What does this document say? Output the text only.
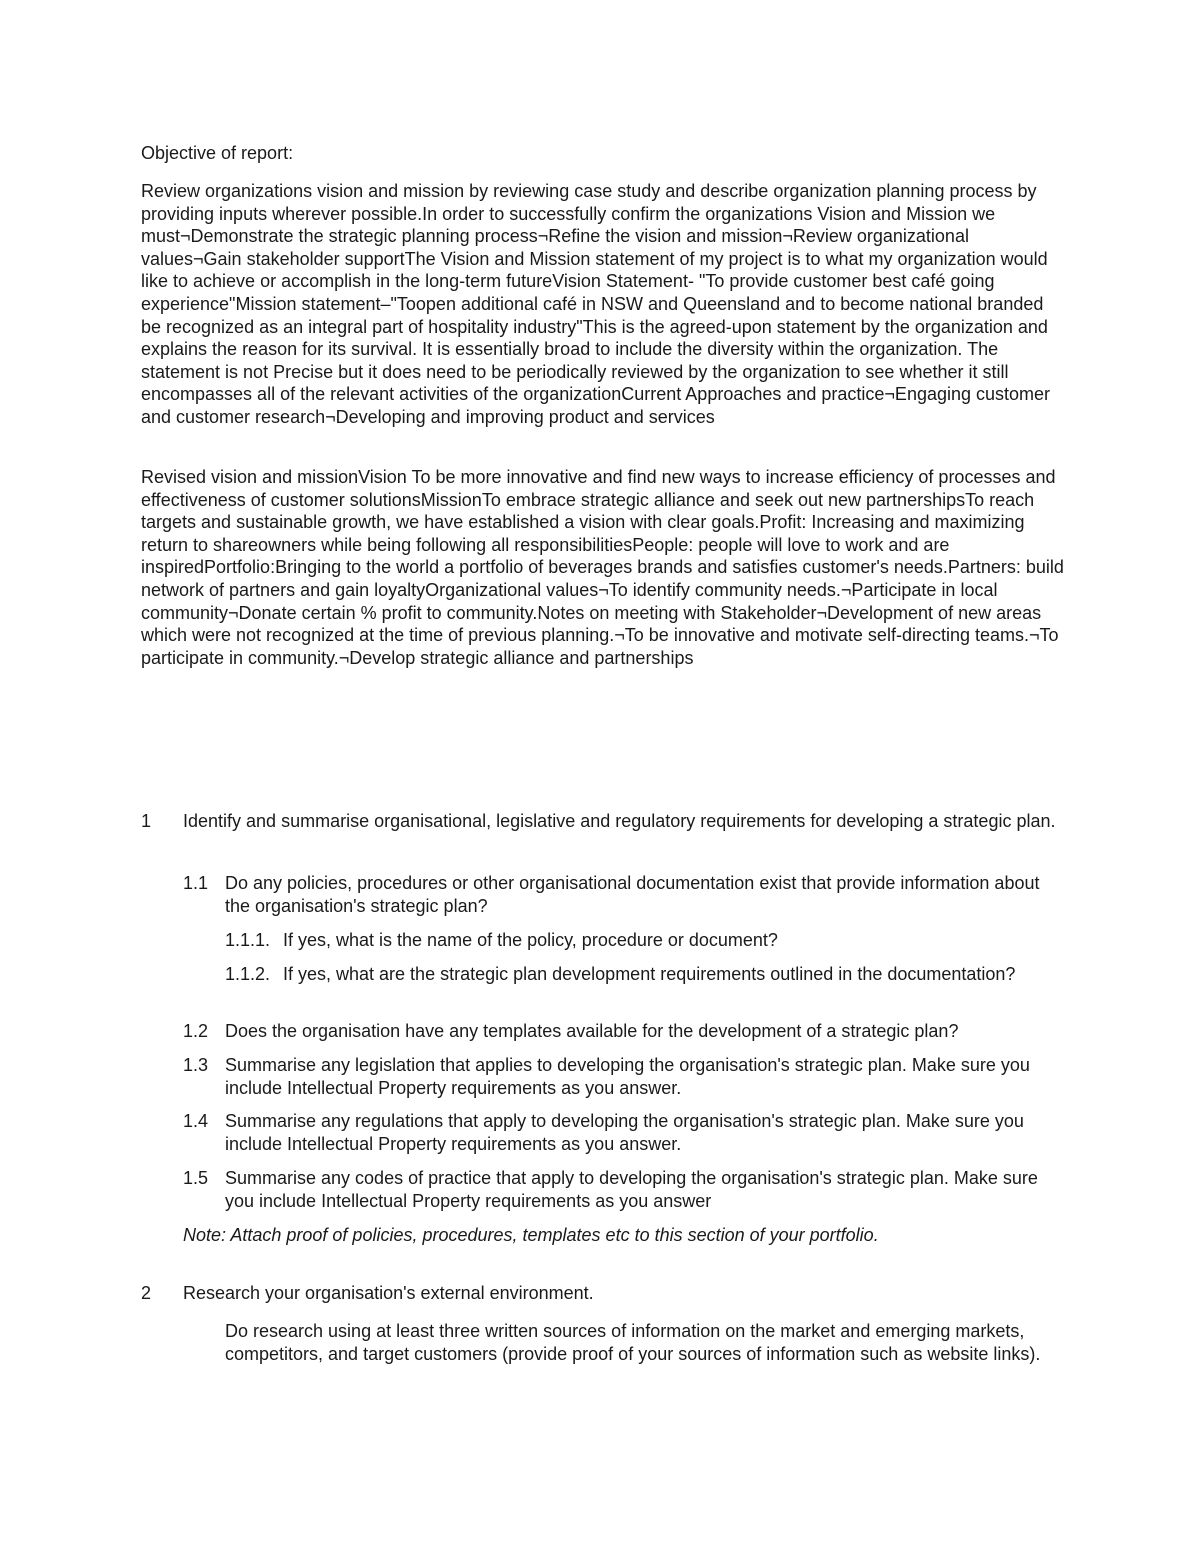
Objective of report:

Review organizations vision and mission by reviewing case study and describe organization planning process by providing inputs wherever possible.In order to successfully confirm the organizations Vision and Mission we must¬Demonstrate the strategic planning process¬Refine the vision and mission¬Review organizational values¬Gain stakeholder supportThe Vision and Mission statement of my project is to what my organization would like to achieve or accomplish in the long-term futureVision Statement- "To provide customer best café going experience"Mission statement–"Toopen additional café in NSW and Queensland and to become national branded be recognized as an integral part of hospitality industry"This is the agreed-upon statement by the organization and explains the reason for its survival. It is essentially broad to include the diversity within the organization. The statement is not Precise but it does need to be periodically reviewed by the organization to see whether it still encompasses all of the relevant activities of the organizationCurrent Approaches and practice¬Engaging customer and customer research¬Developing and improving product and services

Revised vision and missionVision To be more innovative and find new ways to increase efficiency of processes and effectiveness of customer solutionsMissionTo embrace strategic alliance and seek out new partnershipsTo reach targets and sustainable growth, we have established a vision with clear goals.Profit: Increasing and maximizing return to shareowners while being following all responsibilitiesPeople: people will love to work and are inspiredPortfolio:Bringing to the world a portfolio of beverages brands and satisfies customer's needs.Partners: build network of partners and gain loyaltyOrganizational values¬To identify community needs.¬Participate in local community¬Donate certain % profit to community.Notes on meeting with Stakeholder¬Development of new areas which were not recognized at the time of previous planning.¬To be innovative and motivate self-directing teams.¬To participate in community.¬Develop strategic alliance and partnerships

1	Identify and summarise organisational, legislative and regulatory requirements for developing a strategic plan.
1.1 Do any policies, procedures or other organisational documentation exist that provide information about the organisation's strategic plan?
1.1.1. If yes, what is the name of the policy, procedure or document?
1.1.2. If yes, what are the strategic plan development requirements outlined in the documentation?
1.2 Does the organisation have any templates available for the development of a strategic plan?
1.3 Summarise any legislation that applies to developing the organisation's strategic plan. Make sure you include Intellectual Property requirements as you answer.
1.4 Summarise any regulations that apply to developing the organisation's strategic plan. Make sure you include Intellectual Property requirements as you answer.
1.5 Summarise any codes of practice that apply to developing the organisation's strategic plan. Make sure you include Intellectual Property requirements as you answer

Note: Attach proof of policies, procedures, templates etc to this section of your portfolio.

2	Research your organisation's external environment.

Do research using at least three written sources of information on the market and emerging markets, competitors, and target customers (provide proof of your sources of information such as website links).
